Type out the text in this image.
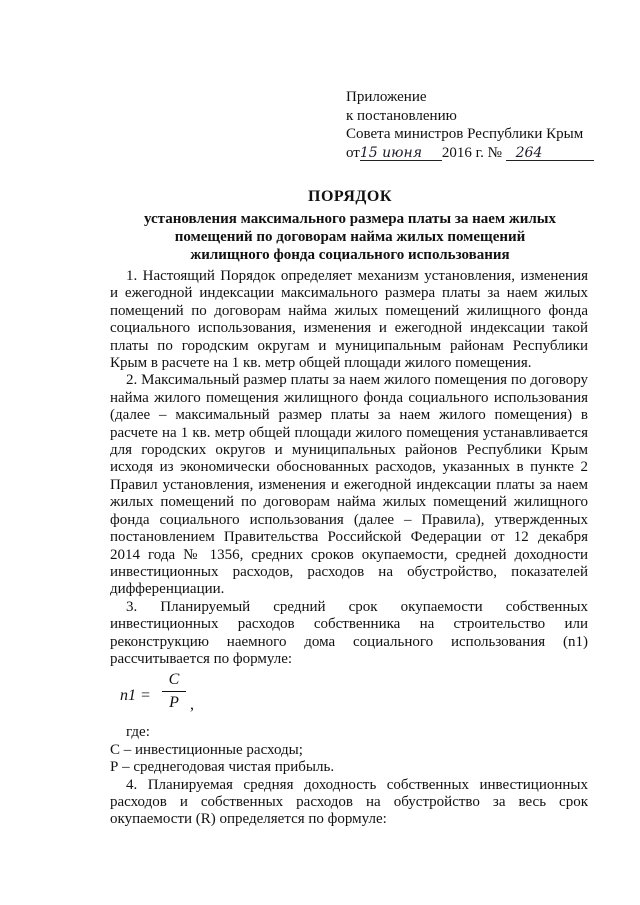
Приложение
к постановлению
Совета министров Республики Крым
от15 июня 2016 г. № 264
ПОРЯДОК
установления максимального размера платы за наем жилых
помещений по договорам найма жилых помещений
жилищного фонда социального использования

1. Настоящий Порядок определяет механизм установления, изменения и ежегодной индексации максимального размера платы за наем жилых помещений по договорам найма жилых помещений жилищного фонда социального использования, изменения и ежегодной индексации такой платы по городским округам и муниципальным районам Республики Крым в расчете на 1 кв. метр общей площади жилого помещения.

2. Максимальный размер платы за наем жилого помещения по договору найма жилого помещения жилищного фонда социального использования (далее – максимальный размер платы за наем жилого помещения) в расчете на 1 кв. метр общей площади жилого помещения устанавливается для городских округов и муниципальных районов Республики Крым исходя из экономически обоснованных расходов, указанных в пункте 2 Правил установления, изменения и ежегодной индексации платы за наем жилых помещений по договорам найма жилых помещений жилищного фонда социального использования (далее – Правила), утвержденных постановлением Правительства Российской Федерации от 12 декабря 2014 года № 1356, средних сроков окупаемости, средней доходности инвестиционных расходов, расходов на обустройство, показателей дифференциации.

3. Планируемый средний срок окупаемости собственных инвестиционных расходов собственника на строительство или реконструкцию наемного дома социального использования (n1) рассчитывается по формуле:

n1 =
C
P ,

где:

С – инвестиционные расходы;

Р – среднегодовая чистая прибыль.

4. Планируемая средняя доходность собственных инвестиционных расходов и собственных расходов на обустройство за весь срок окупаемости (R) определяется по формуле:
